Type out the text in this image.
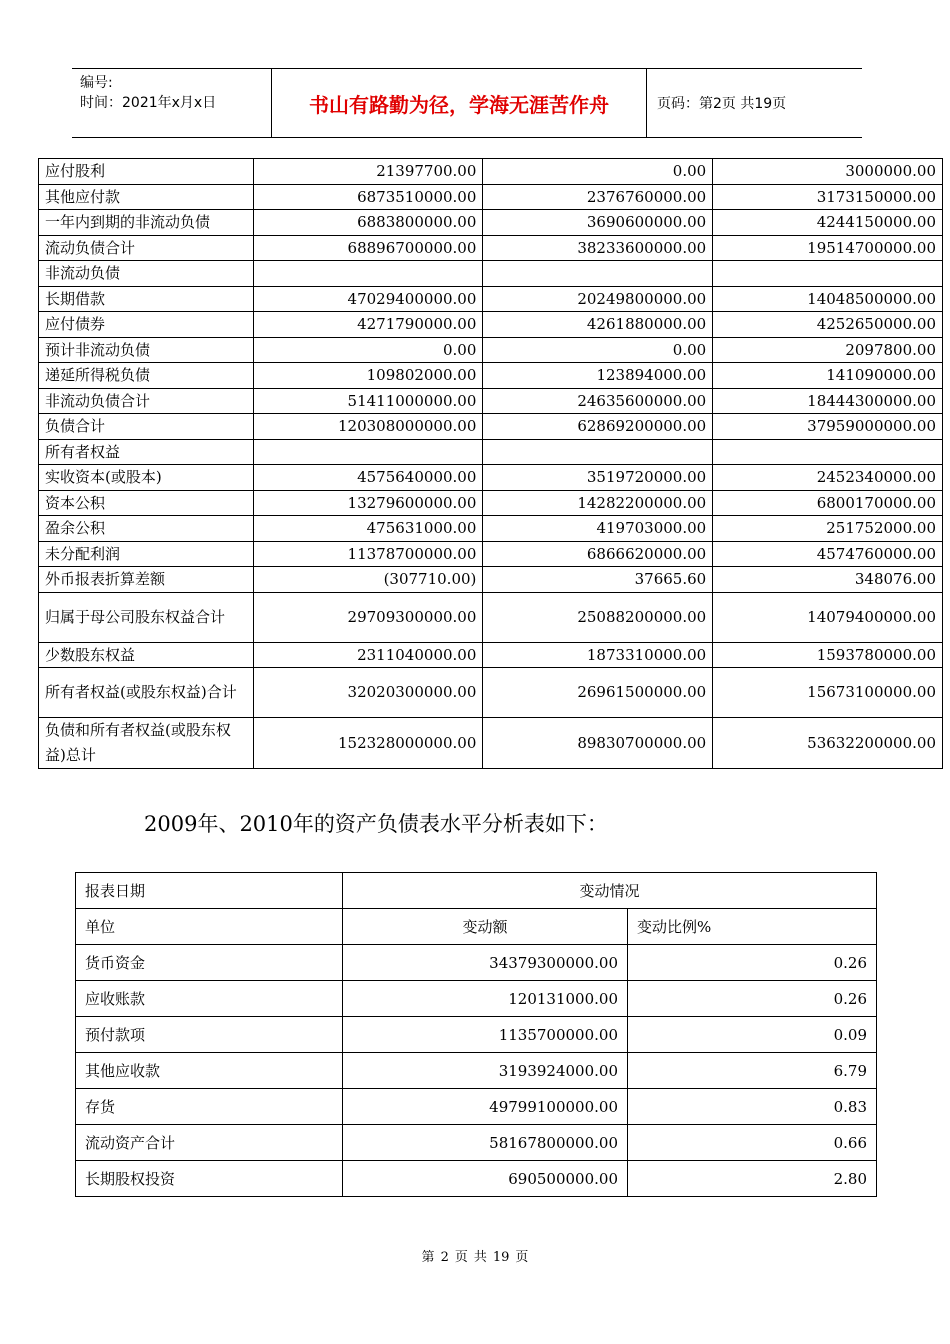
编号:
时间：2021年x月x日	书山有路勤为径，学海无涯苦作舟	页码：第2页 共19页
应付股利	21397700.00	0.00	3000000.00
其他应付款	6873510000.00	2376760000.00	3173150000.00
一年内到期的非流动负债	6883800000.00	3690600000.00	4244150000.00
流动负债合计	68896700000.00	38233600000.00	19514700000.00
非流动负债			
长期借款	47029400000.00	20249800000.00	14048500000.00
应付债券	4271790000.00	4261880000.00	4252650000.00
预计非流动负债	0.00	0.00	2097800.00
递延所得税负债	109802000.00	123894000.00	141090000.00
非流动负债合计	51411000000.00	24635600000.00	18444300000.00
负债合计	120308000000.00	62869200000.00	37959000000.00
所有者权益			
实收资本(或股本)	4575640000.00	3519720000.00	2452340000.00
资本公积	13279600000.00	14282200000.00	6800170000.00
盈余公积	475631000.00	419703000.00	251752000.00
未分配利润	11378700000.00	6866620000.00	4574760000.00
外币报表折算差额	(307710.00)	37665.60	348076.00
归属于母公司股东权益合计	29709300000.00	25088200000.00	14079400000.00
少数股东权益	2311040000.00	1873310000.00	1593780000.00
所有者权益(或股东权益)合计	32020300000.00	26961500000.00	15673100000.00
负债和所有者权益(或股东权益)总计	152328000000.00	89830700000.00	53632200000.00
2009年、2010年的资产负债表水平分析表如下：
报表日期	变动情况	
单位	变动额	变动比例%
货币资金	34379300000.00	0.26
应收账款	120131000.00	0.26
预付款项	1135700000.00	0.09
其他应收款	3193924000.00	6.79
存货	49799100000.00	0.83
流动资产合计	58167800000.00	0.66
长期股权投资	690500000.00	2.80
第 2 页 共 19 页
